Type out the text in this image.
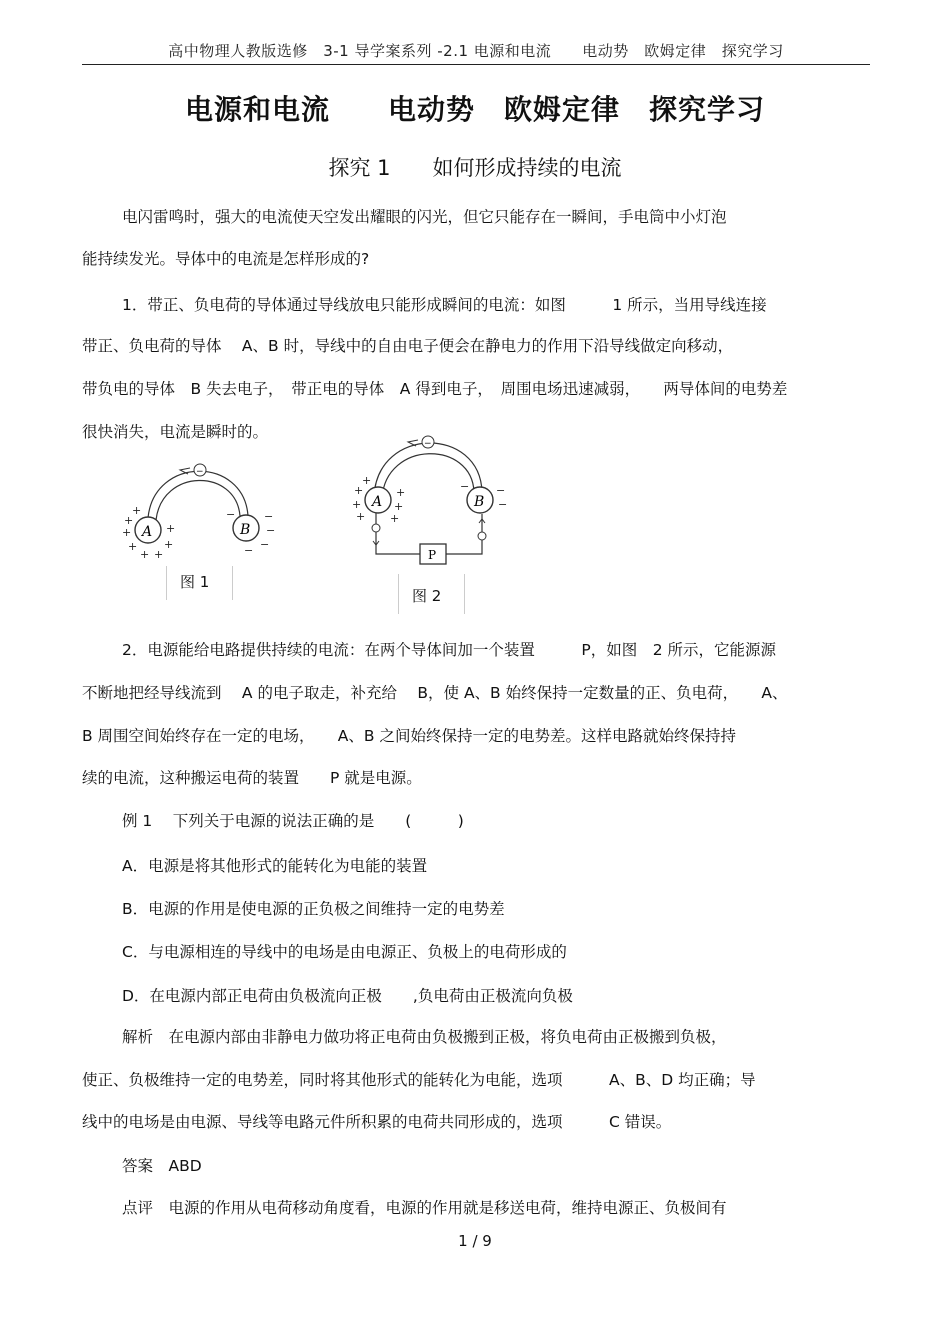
高中物理人教版选修　3-1 导学案系列 -2.1 电源和电流　　电动势　欧姆定律　探究学习
电源和电流　　电动势　欧姆定律　探究学习
探究 1　　如何形成持续的电流
电闪雷鸣时，强大的电流使天空发出耀眼的闪光，但它只能存在一瞬间，手电筒中小灯泡
能持续发光。导体中的电流是怎样形成的?
1．带正、负电荷的导体通过导线放电只能形成瞬间的电流：如图　　　1 所示，当用导线连接
带正、负电荷的导体　 A、B 时，导线中的自由电子便会在静电力的作用下沿导线做定向移动，
带负电的导体　B 失去电子，　带正电的导体　A 得到电子，　周围电场迅速减弱，　　两导体间的电势差
很快消失，电流是瞬时的。
−
A	B
+
+
+
+ +
+
+
+	−	−
−
−
−
图 1
−
P
A	B
+
+
+
+
+
+
+
−
−
−
图 2
2．电源能给电路提供持续的电流：在两个导体间加一个装置　　　P，如图　2 所示，它能源源
不断地把经导线流到　 A 的电子取走，补充给　 B，使 A、B 始终保持一定数量的正、负电荷，　　A、
B 周围空间始终存在一定的电场，　　A、B 之间始终保持一定的电势差。这样电路就始终保持持
续的电流，这种搬运电荷的装置　　P 就是电源。
例 1　 下列关于电源的说法正确的是　　(　　　)
A．电源是将其他形式的能转化为电能的装置
B．电源的作用是使电源的正负极之间维持一定的电势差
C．与电源相连的导线中的电场是由电源正、负极上的电荷形成的
D．在电源内部正电荷由负极流向正极　　,负电荷由正极流向负极
解析　在电源内部由非静电力做功将正电荷由负极搬到正极，将负电荷由正极搬到负极，
使正、负极维持一定的电势差，同时将其他形式的能转化为电能，选项　　　A、B、D 均正确；导
线中的电场是由电源、导线等电路元件所积累的电荷共同形成的，选项　　　C 错误。
答案　ABD
点评　电源的作用从电荷移动角度看，电源的作用就是移送电荷，维持电源正、负极间有
1 / 9
